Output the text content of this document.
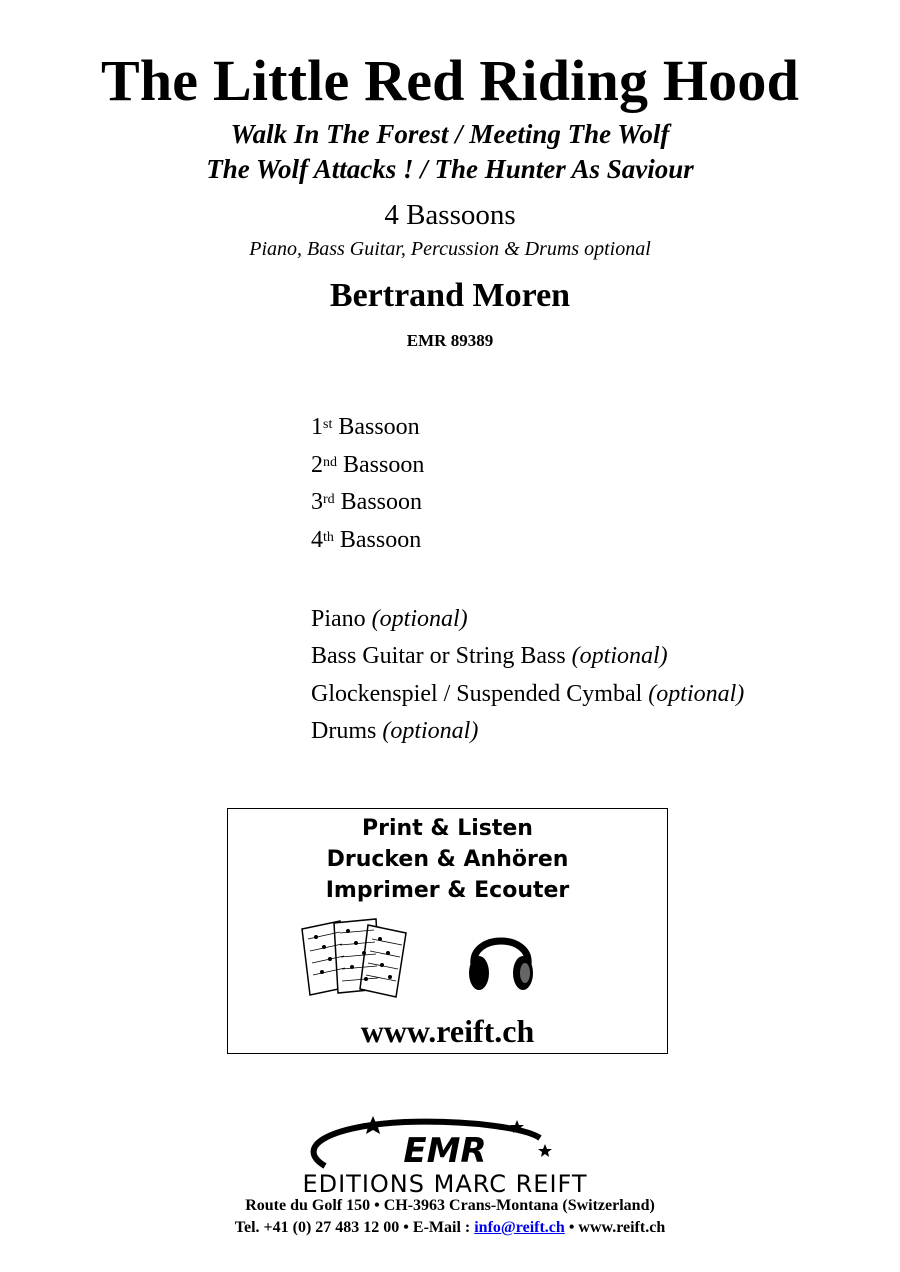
The Little Red Riding Hood
Walk In The Forest / Meeting The Wolf
The Wolf Attacks ! / The Hunter As Saviour
4 Bassoons
Piano, Bass Guitar, Percussion & Drums optional
Bertrand Moren
EMR 89389
1st Bassoon
2nd Bassoon
3rd Bassoon
4th Bassoon
Piano (optional)
Bass Guitar or String Bass (optional)
Glockenspiel / Suspended Cymbal (optional)
Drums (optional)
Print & Listen
Drucken & Anhören
Imprimer & Ecouter
www.reift.ch
EMR
EDITIONS MARC REIFT
Route du Golf 150 • CH-3963 Crans-Montana (Switzerland)
Tel. +41 (0) 27 483 12 00 • E-Mail : info@reift.ch • www.reift.ch
